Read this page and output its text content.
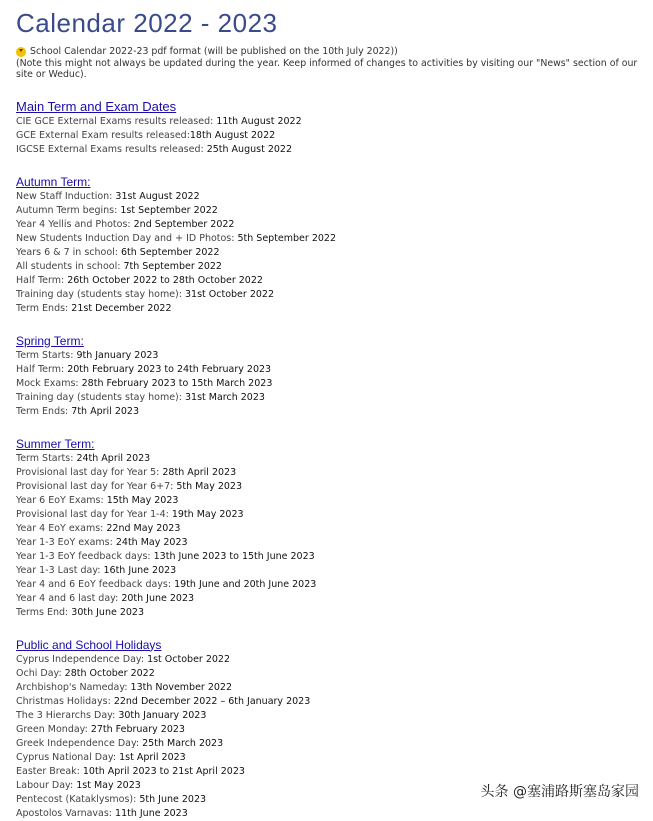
Calendar 2022 - 2023
School Calendar 2022-23 pdf format (will be published on the 10th July 2022))
(Note this might not always be updated during the year. Keep informed of changes to activities by visiting our "News" section of our site or Weduc).
Main Term and Exam Dates
CIE GCE External Exams results released: 11th August 2022
GCE External Exam results released:18th August 2022
IGCSE External Exams results released: 25th August 2022
Autumn Term:
New Staff Induction: 31st August 2022
Autumn Term begins: 1st September 2022
Year 4 Yellis and Photos: 2nd September 2022
New Students Induction Day and + ID Photos: 5th September 2022
Years 6 & 7 in school: 6th September 2022
All students in school: 7th September 2022
Half Term: 26th October 2022 to 28th October 2022
Training day (students stay home): 31st October 2022
Term Ends: 21st December 2022
Spring Term:
Term Starts: 9th January 2023
Half Term: 20th February 2023 to 24th February 2023
Mock Exams: 28th February 2023 to 15th March 2023
Training day (students stay home): 31st March 2023
Term Ends: 7th April 2023
Summer Term:
Term Starts: 24th April 2023
Provisional last day for Year 5: 28th April 2023
Provisional last day for Year 6+7: 5th May 2023
Year 6 EoY Exams: 15th May 2023
Provisional last day for Year 1-4: 19th May 2023
Year 4 EoY exams: 22nd May 2023
Year 1-3 EoY exams: 24th May 2023
Year 1-3 EoY feedback days: 13th June 2023 to 15th June 2023
Year 1-3 Last day: 16th June 2023
Year 4 and 6 EoY feedback days: 19th June and 20th June 2023
Year 4 and 6 last day: 20th June 2023
Terms End: 30th June 2023
Public and School Holidays
Cyprus Independence Day: 1st October 2022
Ochi Day: 28th October 2022
Archbishop's Nameday: 13th November 2022
Christmas Holidays: 22nd December 2022 – 6th January 2023
The 3 Hierarchs Day: 30th January 2023
Green Monday: 27th February 2023
Greek Independence Day: 25th March 2023
Cyprus National Day: 1st April 2023
Easter Break: 10th April 2023 to 21st April 2023
Labour Day: 1st May 2023
Pentecost (Kataklysmos): 5th June 2023
Apostolos Varnavas: 11th June 2023
头条 @塞浦路斯塞岛家园
